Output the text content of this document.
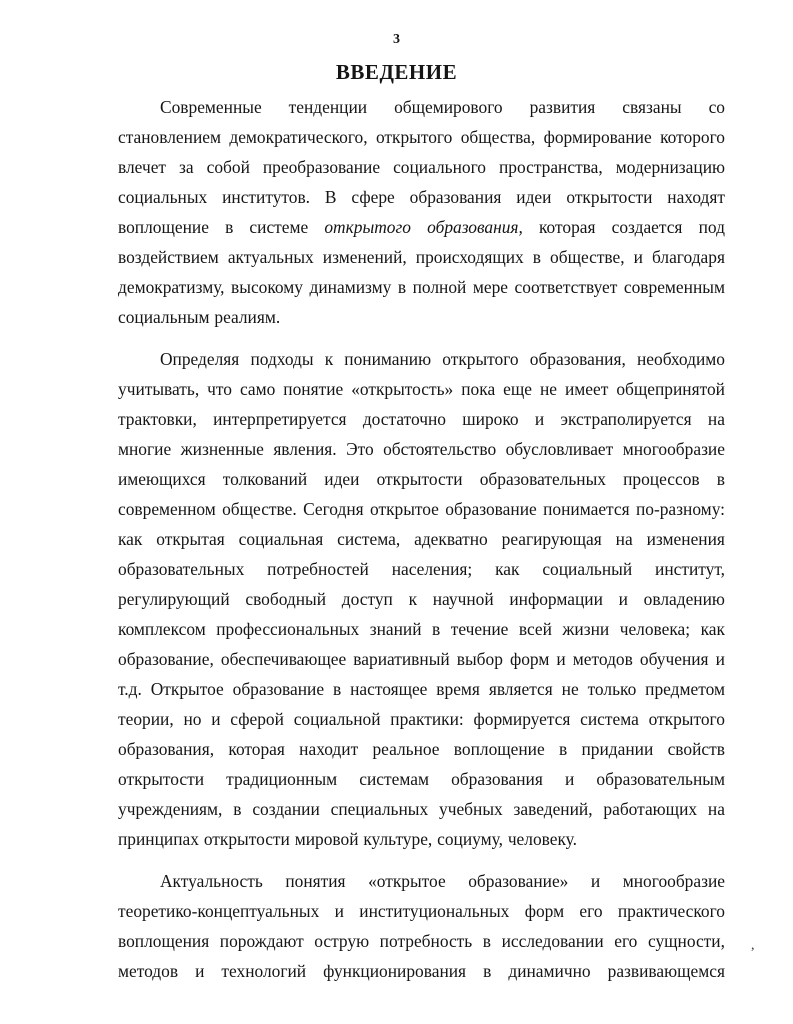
3
ВВЕДЕНИЕ
Современные тенденции общемирового развития связаны со
становлением демократического, открытого общества, формирование которого
влечет за собой преобразование социального пространства, модернизацию
социальных институтов. В сфере образования идеи открытости находят
воплощение в системе открытого образования, которая создается под
воздействием актуальных изменений, происходящих в обществе, и благодаря
демократизму, высокому динамизму в полной мере соответствует современным
социальным реалиям.
Определяя подходы к пониманию открытого образования, необходимо
учитывать, что само понятие «открытость» пока еще не имеет общепринятой
трактовки, интерпретируется достаточно широко и экстраполируется на
многие жизненные явления. Это обстоятельство обусловливает многообразие
имеющихся толкований идеи открытости образовательных процессов в
современном обществе. Сегодня открытое образование понимается по-разному:
как открытая социальная система, адекватно реагирующая на изменения
образовательных потребностей населения; как социальный институт,
регулирующий свободный доступ к научной информации и овладению
комплексом профессиональных знаний в течение всей жизни человека; как
образование, обеспечивающее вариативный выбор форм и методов обучения и
т.д. Открытое образование в настоящее время является не только предметом
теории, но и сферой социальной практики: формируется система открытого
образования, которая находит реальное воплощение в придании свойств
открытости традиционным системам образования и образовательным
учреждениям, в создании специальных учебных заведений, работающих на
принципах открытости мировой культуре, социуму, человеку.
Актуальность понятия «открытое образование» и многообразие
теоретико-концептуальных и институциональных форм его практического
воплощения порождают острую потребность в исследовании его сущности,
методов и технологий функционирования в динамично развивающемся
,
